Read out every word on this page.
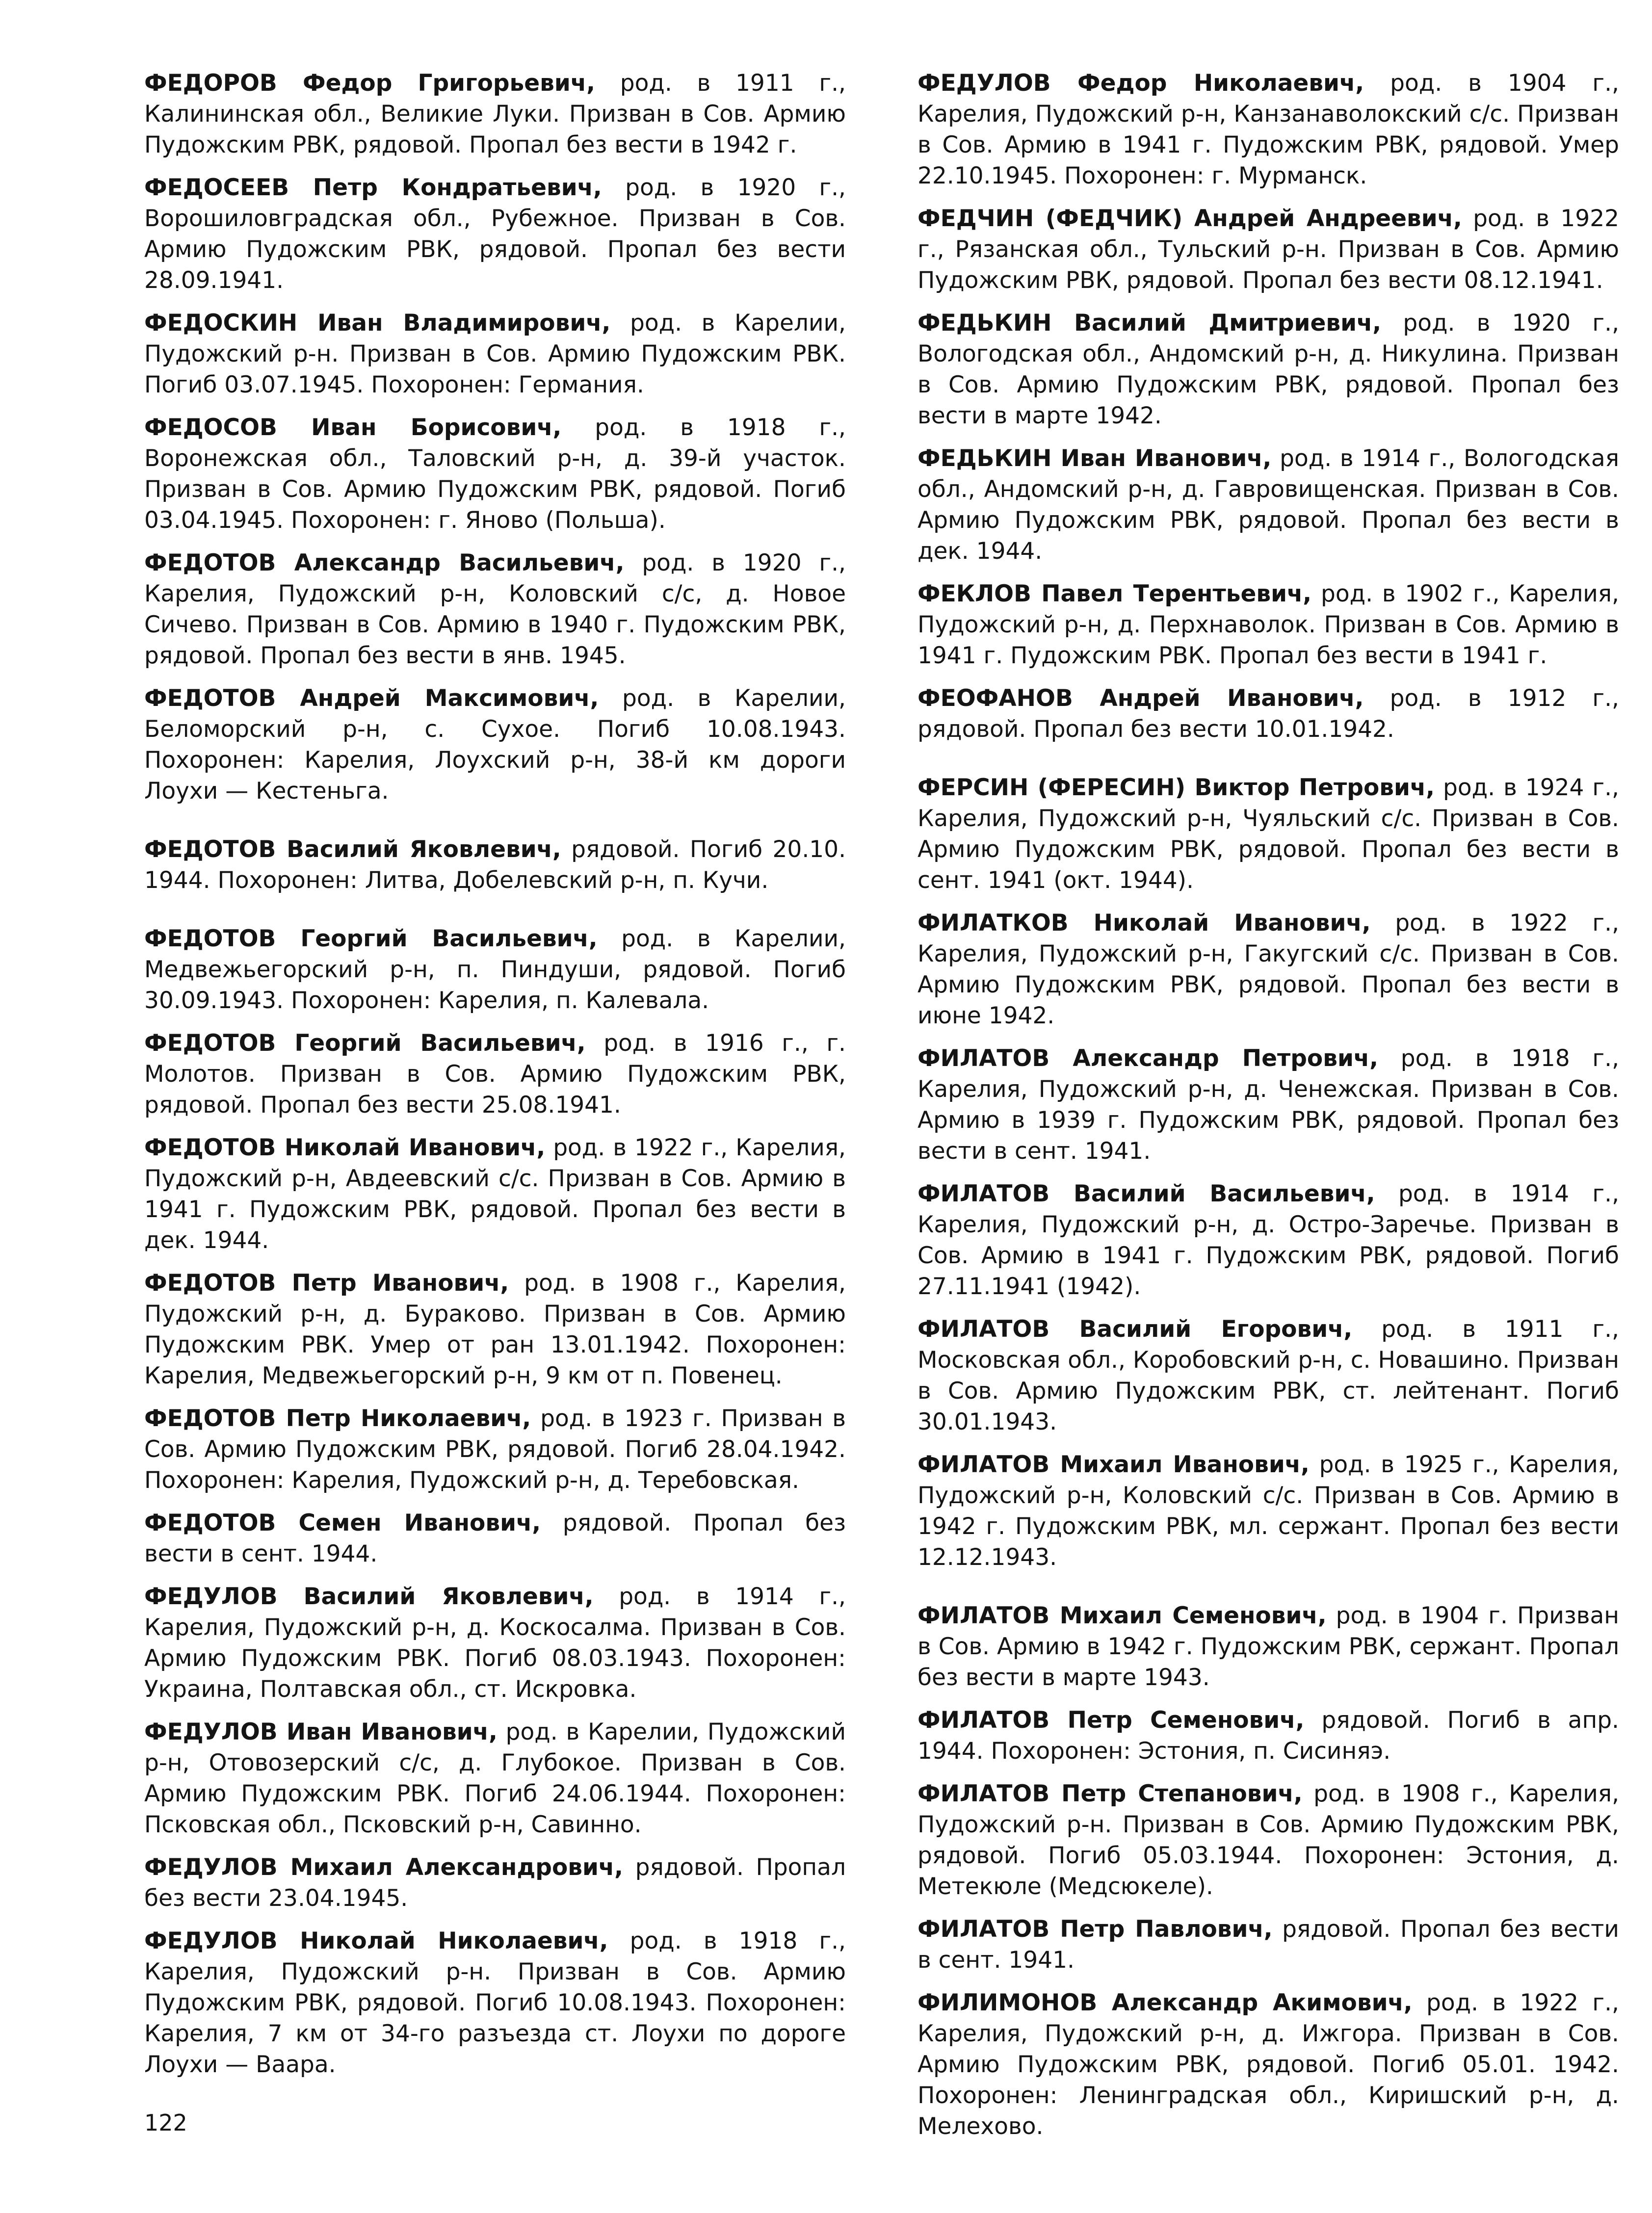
ФЕДОРОВ Федор Григорьевич, род. в 1911 г., Калининская обл., Великие Луки. Призван в Сов. Армию Пудожским РВК, рядовой. Пропал без вести в 1942 г.

ФЕДОСЕЕВ Петр Кондратьевич, род. в 1920 г., Ворошиловградская обл., Рубежное. Призван в Сов. Армию Пудожским РВК, рядовой. Пропал без вести 28.09.1941.

ФЕДОСКИН Иван Владимирович, род. в Карелии, Пудожский р-н. Призван в Сов. Армию Пудожским РВК. Погиб 03.07.1945. Похоронен: Германия.

ФЕДОСОВ Иван Борисович, род. в 1918 г., Воронежская обл., Таловский р-н, д. 39-й участок. Призван в Сов. Армию Пудожским РВК, рядовой. Погиб 03.04.1945. Похоронен: г. Яново (Польша).

ФЕДОТОВ Александр Васильевич, род. в 1920 г., Карелия, Пудожский р-н, Коловский с/с, д. Новое Сичево. Призван в Сов. Армию в 1940 г. Пудожским РВК, рядовой. Пропал без вести в янв. 1945.

ФЕДОТОВ Андрей Максимович, род. в Карелии, Беломорский р-н, с. Сухое. Погиб 10.08.1943. Похоронен: Карелия, Лоухский р-н, 38-й км дороги Лоухи — Кестеньга.

ФЕДОТОВ Василий Яковлевич, рядовой. Погиб 20.10. 1944. Похоронен: Литва, Добелевский р-н, п. Кучи.

ФЕДОТОВ Георгий Васильевич, род. в Карелии, Медвежьегорский р-н, п. Пиндуши, рядовой. Погиб 30.09.1943. Похоронен: Карелия, п. Калевала.

ФЕДОТОВ Георгий Васильевич, род. в 1916 г., г. Молотов. Призван в Сов. Армию Пудожским РВК, рядовой. Пропал без вести 25.08.1941.

ФЕДОТОВ Николай Иванович, род. в 1922 г., Карелия, Пудожский р-н, Авдеевский с/с. Призван в Сов. Армию в 1941 г. Пудожским РВК, рядовой. Пропал без вести в дек. 1944.

ФЕДОТОВ Петр Иванович, род. в 1908 г., Карелия, Пудожский р-н, д. Бураково. Призван в Сов. Армию Пудожским РВК. Умер от ран 13.01.1942. Похоронен: Карелия, Медвежьегорский р-н, 9 км от п. Повенец.

ФЕДОТОВ Петр Николаевич, род. в 1923 г. Призван в Сов. Армию Пудожским РВК, рядовой. Погиб 28.04.1942. Похоронен: Карелия, Пудожский р-н, д. Теребовская.

ФЕДОТОВ Семен Иванович, рядовой. Пропал без вести в сент. 1944.

ФЕДУЛОВ Василий Яковлевич, род. в 1914 г., Карелия, Пудожский р-н, д. Коскосалма. Призван в Сов. Армию Пудожским РВК. Погиб 08.03.1943. Похоронен: Украина, Полтавская обл., ст. Искровка.

ФЕДУЛОВ Иван Иванович, род. в Карелии, Пудожский р-н, Отовозерский с/с, д. Глубокое. Призван в Сов. Армию Пудожским РВК. Погиб 24.06.1944. Похоронен: Псковская обл., Псковский р-н, Савинно.

ФЕДУЛОВ Михаил Александрович, рядовой. Пропал без вести 23.04.1945.

ФЕДУЛОВ Николай Николаевич, род. в 1918 г., Карелия, Пудожский р-н. Призван в Сов. Армию Пудожским РВК, рядовой. Погиб 10.08.1943. Похоронен: Карелия, 7 км от 34-го разъезда ст. Лоухи по дороге Лоухи — Ваара.

ФЕДУЛОВ Федор Николаевич, род. в 1904 г., Карелия, Пудожский р-н, Канзанаволокский с/с. Призван в Сов. Армию в 1941 г. Пудожским РВК, рядовой. Умер 22.10.1945. Похоронен: г. Мурманск.

ФЕДЧИН (ФЕДЧИК) Андрей Андреевич, род. в 1922 г., Рязанская обл., Тульский р-н. Призван в Сов. Армию Пудожским РВК, рядовой. Пропал без вести 08.12.1941.

ФЕДЬКИН Василий Дмитриевич, род. в 1920 г., Вологодская обл., Андомский р-н, д. Никулина. Призван в Сов. Армию Пудожским РВК, рядовой. Пропал без вести в марте 1942.

ФЕДЬКИН Иван Иванович, род. в 1914 г., Вологодская обл., Андомский р-н, д. Гавровищенская. Призван в Сов. Армию Пудожским РВК, рядовой. Пропал без вести в дек. 1944.

ФЕКЛОВ Павел Терентьевич, род. в 1902 г., Карелия, Пудожский р-н, д. Перхнаволок. Призван в Сов. Армию в 1941 г. Пудожским РВК. Пропал без вести в 1941 г.

ФЕОФАНОВ Андрей Иванович, род. в 1912 г., рядовой. Пропал без вести 10.01.1942.

ФЕРСИН (ФЕРЕСИН) Виктор Петрович, род. в 1924 г., Карелия, Пудожский р-н, Чуяльский с/с. Призван в Сов. Армию Пудожским РВК, рядовой. Пропал без вести в сент. 1941 (окт. 1944).

ФИЛАТКОВ Николай Иванович, род. в 1922 г., Карелия, Пудожский р-н, Гакугский с/с. Призван в Сов. Армию Пудожским РВК, рядовой. Пропал без вести в июне 1942.

ФИЛАТОВ Александр Петрович, род. в 1918 г., Карелия, Пудожский р-н, д. Ченежская. Призван в Сов. Армию в 1939 г. Пудожским РВК, рядовой. Пропал без вести в сент. 1941.

ФИЛАТОВ Василий Васильевич, род. в 1914 г., Карелия, Пудожский р-н, д. Остро-Заречье. Призван в Сов. Армию в 1941 г. Пудожским РВК, рядовой. Погиб 27.11.1941 (1942).

ФИЛАТОВ Василий Егорович, род. в 1911 г., Московская обл., Коробовский р-н, с. Новашино. Призван в Сов. Армию Пудожским РВК, ст. лейтенант. Погиб 30.01.1943.

ФИЛАТОВ Михаил Иванович, род. в 1925 г., Карелия, Пудожский р-н, Коловский с/с. Призван в Сов. Армию в 1942 г. Пудожским РВК, мл. сержант. Пропал без вести 12.12.1943.

ФИЛАТОВ Михаил Семенович, род. в 1904 г. Призван в Сов. Армию в 1942 г. Пудожским РВК, сержант. Пропал без вести в марте 1943.

ФИЛАТОВ Петр Семенович, рядовой. Погиб в апр. 1944. Похоронен: Эстония, п. Сисиняэ.

ФИЛАТОВ Петр Степанович, род. в 1908 г., Карелия, Пудожский р-н. Призван в Сов. Армию Пудожским РВК, рядовой. Погиб 05.03.1944. Похоронен: Эстония, д. Метекюле (Медсюкеле).

ФИЛАТОВ Петр Павлович, рядовой. Пропал без вести в сент. 1941.

ФИЛИМОНОВ Александр Акимович, род. в 1922 г., Карелия, Пудожский р-н, д. Ижгора. Призван в Сов. Армию Пудожским РВК, рядовой. Погиб 05.01. 1942. Похоронен: Ленинградская обл., Киришский р-н, д. Мелехово.

122
